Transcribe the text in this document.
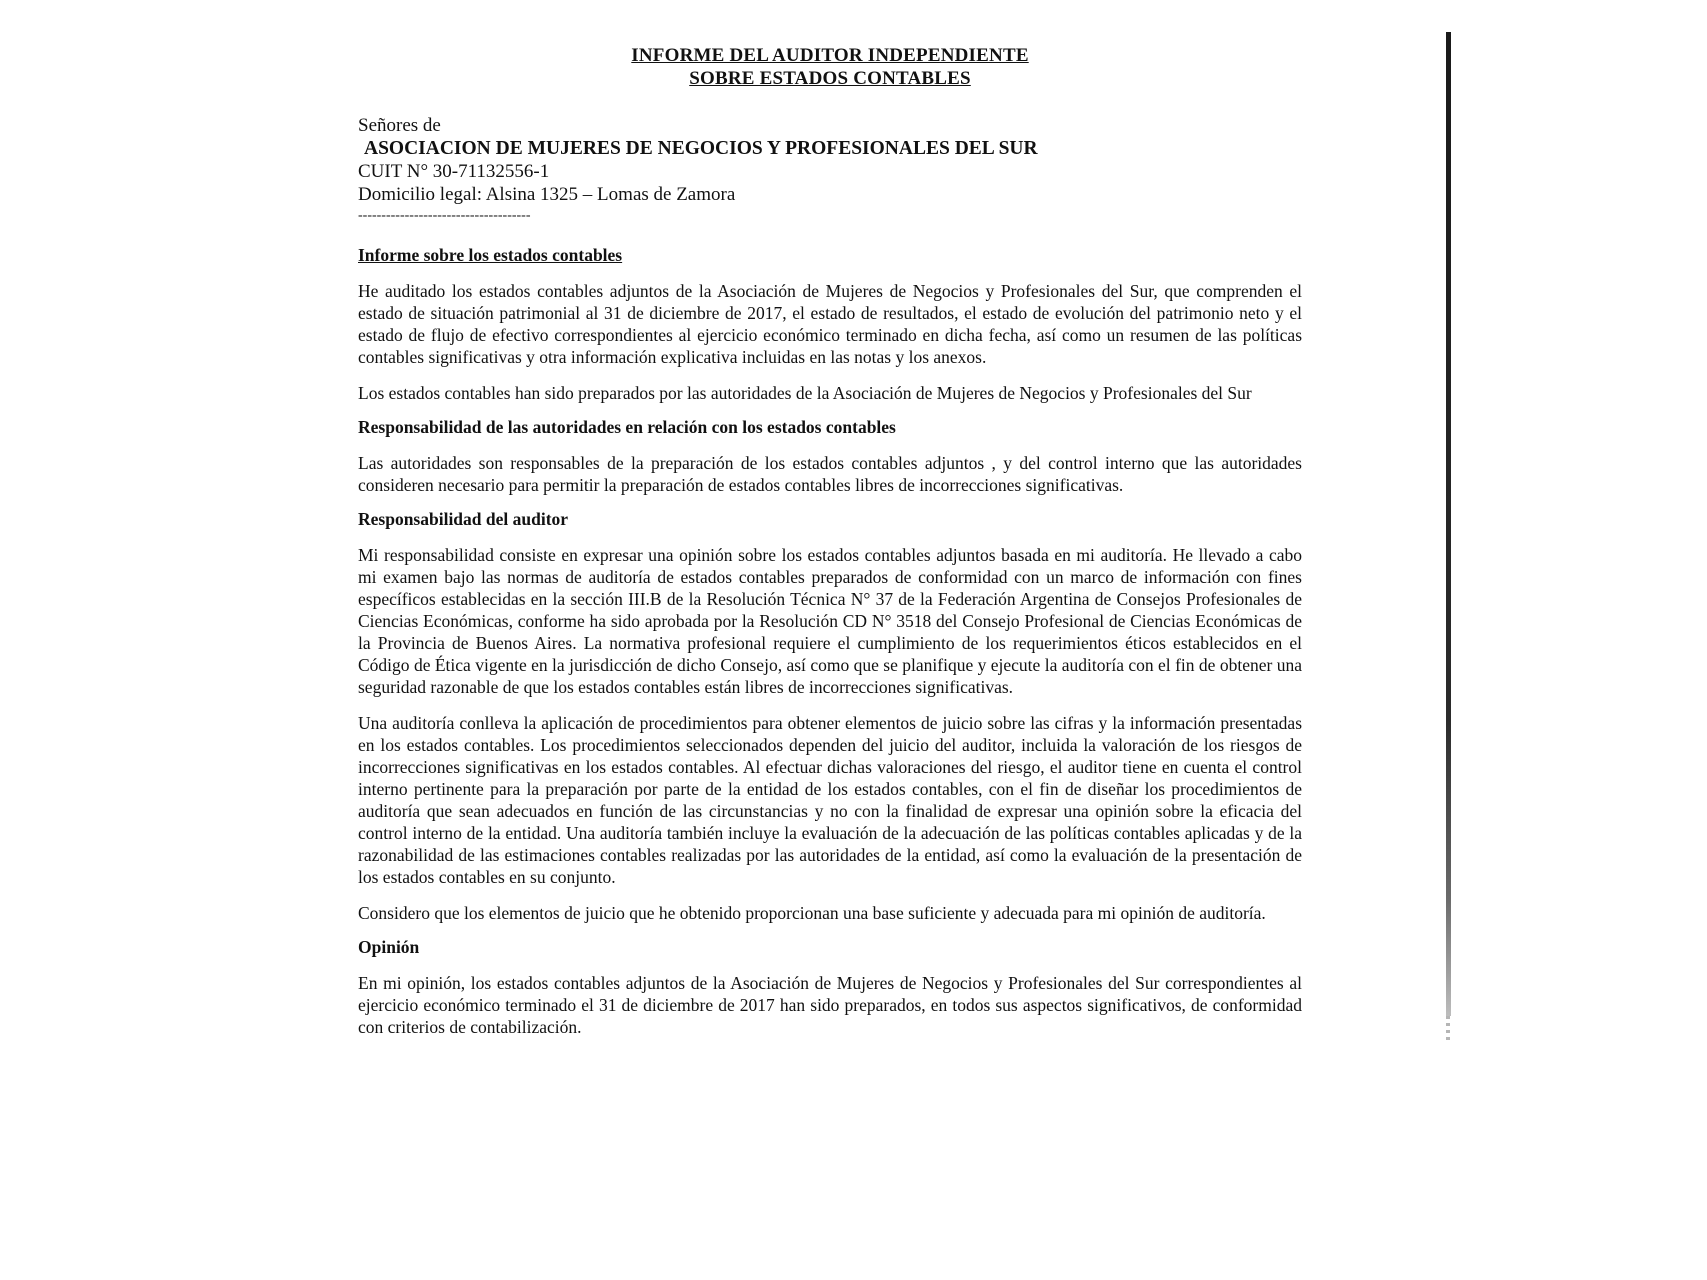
INFORME DEL AUDITOR INDEPENDIENTE
SOBRE ESTADOS CONTABLES
Señores de
ASOCIACION DE MUJERES DE NEGOCIOS Y PROFESIONALES DEL SUR
CUIT N° 30-71132556-1
Domicilio legal: Alsina 1325 – Lomas de Zamora
-------------------------------------
Informe sobre los estados contables

He auditado los estados contables adjuntos de la Asociación de Mujeres de Negocios y Profesionales del Sur, que comprenden el estado de situación patrimonial al 31 de diciembre de 2017, el estado de resultados, el estado de evolución del patrimonio neto y el estado de flujo de efectivo correspondientes al ejercicio económico terminado en dicha fecha, así como un resumen de las políticas contables significativas y otra información explicativa incluidas en las notas y los anexos.

Los estados contables han sido preparados por las autoridades de la Asociación de Mujeres de Negocios y Profesionales del Sur

Responsabilidad de las autoridades en relación con los estados contables

Las autoridades son responsables de la preparación de los estados contables adjuntos , y del control interno que las autoridades consideren necesario para permitir la preparación de estados contables libres de incorrecciones significativas.

Responsabilidad del auditor

Mi responsabilidad consiste en expresar una opinión sobre los estados contables adjuntos basada en mi auditoría. He llevado a cabo mi examen bajo las normas de auditoría de estados contables preparados de conformidad con un marco de información con fines específicos establecidas en la sección III.B de la Resolución Técnica N° 37 de la Federación Argentina de Consejos Profesionales de Ciencias Económicas, conforme ha sido aprobada por la Resolución CD N° 3518 del Consejo Profesional de Ciencias Económicas de la Provincia de Buenos Aires. La normativa profesional requiere el cumplimiento de los requerimientos éticos establecidos en el Código de Ética vigente en la jurisdicción de dicho Consejo, así como que se planifique y ejecute la auditoría con el fin de obtener una seguridad razonable de que los estados contables están libres de incorrecciones significativas.

Una auditoría conlleva la aplicación de procedimientos para obtener elementos de juicio sobre las cifras y la información presentadas en los estados contables. Los procedimientos seleccionados dependen del juicio del auditor, incluida la valoración de los riesgos de incorrecciones significativas en los estados contables. Al efectuar dichas valoraciones del riesgo, el auditor tiene en cuenta el control interno pertinente para la preparación por parte de la entidad de los estados contables, con el fin de diseñar los procedimientos de auditoría que sean adecuados en función de las circunstancias y no con la finalidad de expresar una opinión sobre la eficacia del control interno de la entidad. Una auditoría también incluye la evaluación de la adecuación de las políticas contables aplicadas y de la razonabilidad de las estimaciones contables realizadas por las autoridades de la entidad, así como la evaluación de la presentación de los estados contables en su conjunto.

Considero que los elementos de juicio que he obtenido proporcionan una base suficiente y adecuada para mi opinión de auditoría.

Opinión

En mi opinión, los estados contables adjuntos de la Asociación de Mujeres de Negocios y Profesionales del Sur correspondientes al ejercicio económico terminado el 31 de diciembre de 2017 han sido preparados, en todos sus aspectos significativos, de conformidad con criterios de contabilización.
